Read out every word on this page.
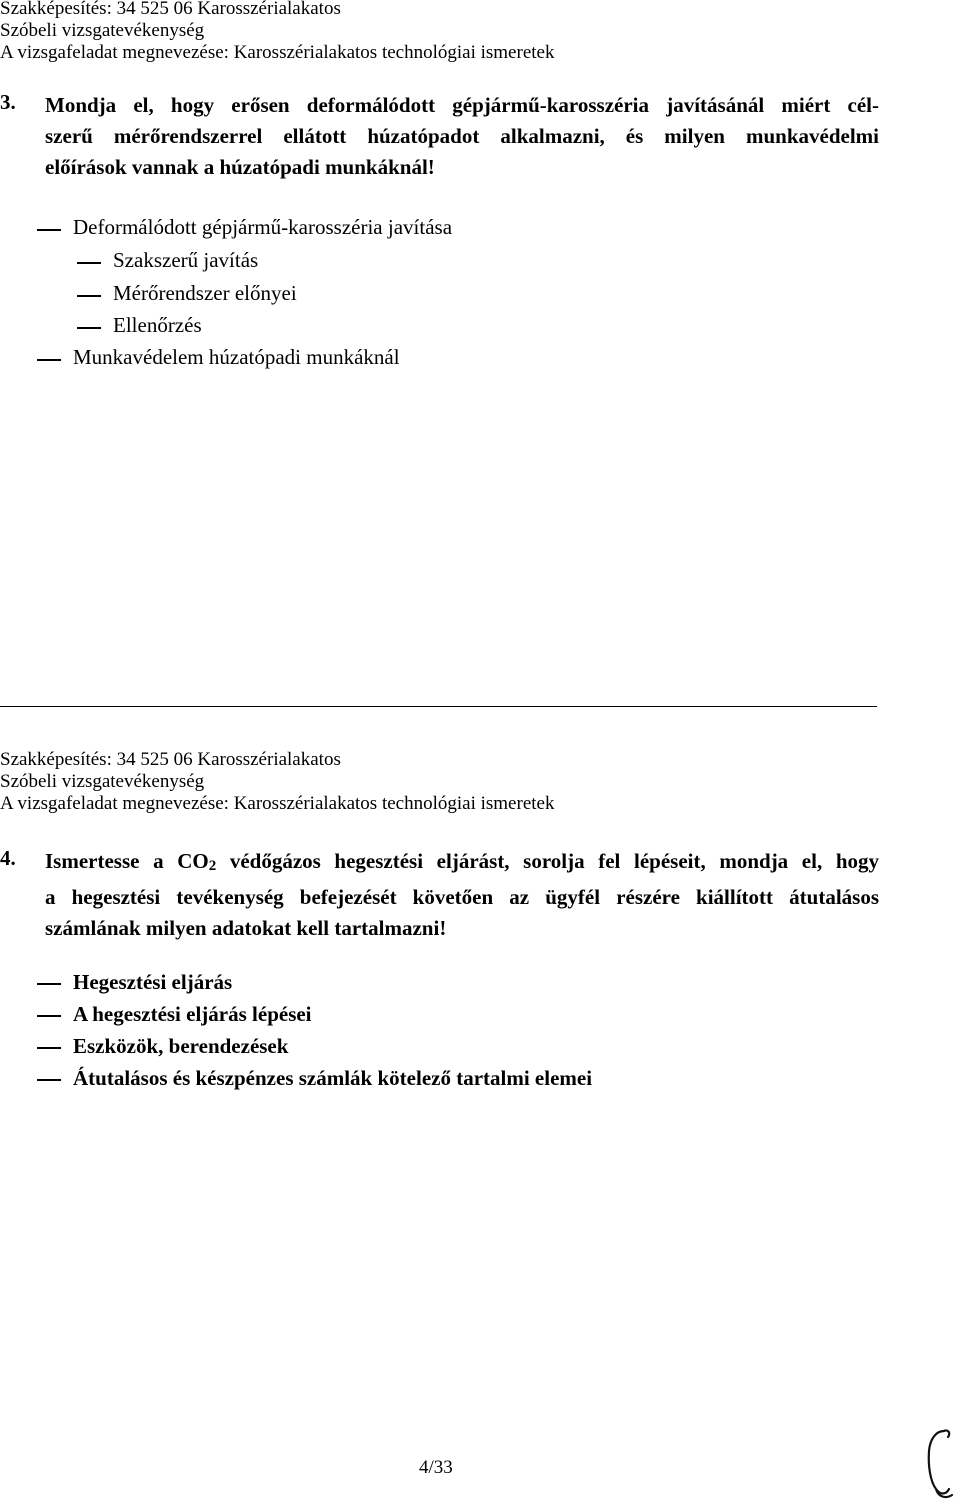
Szakképesítés: 34 525 06 Karosszérialakatos
Szóbeli vizsgatevékenység
A vizsgafeladat megnevezése: Karosszérialakatos technológiai ismeretek
3. Mondja el, hogy erősen deformálódott gépjármű-karosszéria javításánál miért cél-
szerű mérőrendszerrel ellátott húzatópadot alkalmazni, és milyen munkavédelmi
előírások vannak a húzatópadi munkáknál!
Deformálódott gépjármű-karosszéria javítása
Szakszerű javítás
Mérőrendszer előnyei
Ellenőrzés
Munkavédelem húzatópadi munkáknál
Szakképesítés: 34 525 06 Karosszérialakatos
Szóbeli vizsgatevékenység
A vizsgafeladat megnevezése: Karosszérialakatos technológiai ismeretek
4. Ismertesse a $CO_2$ védőgázos hegesztési eljárást, sorolja fel lépéseit, mondja el, hogy
a hegesztési tevékenység befejezését követően az ügyfél részére kiállított átutalásos
számlának milyen adatokat kell tartalmazni!
Hegesztési eljárás
A hegesztési eljárás lépései
Eszközök, berendezések
Átutalásos és készpénzes számlák kötelező tartalmi elemei
4/33
